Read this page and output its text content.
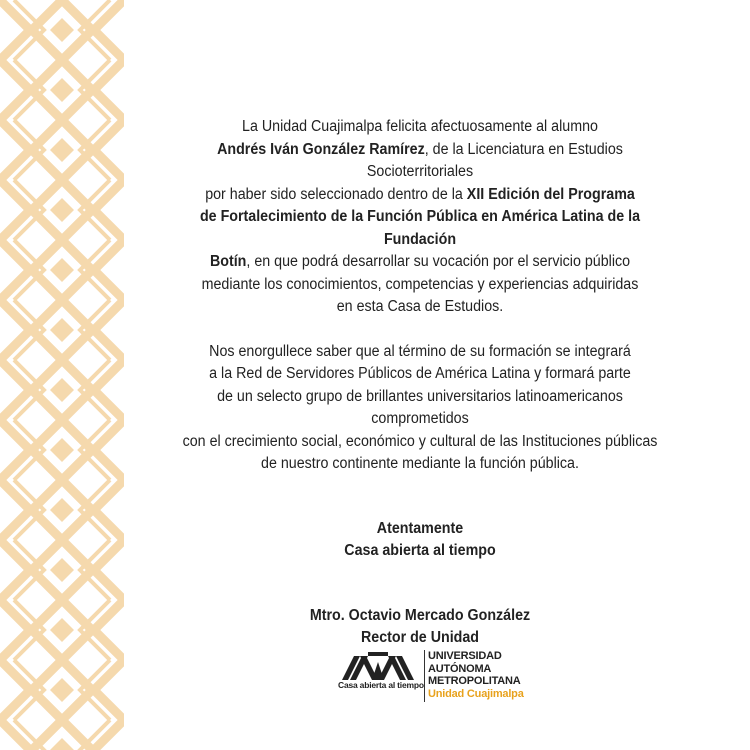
La Unidad Cuajimalpa felicita afectuosamente al alumno
Andrés Iván González Ramírez, de la Licenciatura en Estudios Socioterritoriales
por haber sido seleccionado dentro de la XII Edición del Programa
de Fortalecimiento de la Función Pública en América Latina de la Fundación
Botín, en que podrá desarrollar su vocación por el servicio público
mediante los conocimientos, competencias y experiencias adquiridas
en esta Casa de Estudios.

Nos enorgullece saber que al término de su formación se integrará
a la Red de Servidores Públicos de América Latina y formará parte
de un selecto grupo de brillantes universitarios latinoamericanos comprometidos
con el crecimiento social, económico y cultural de las Instituciones públicas
de nuestro continente mediante la función pública.

Atentamente
Casa abierta al tiempo

Mtro. Octavio Mercado González
Rector de Unidad

Casa abierta al tiempo
UNIVERSIDAD
AUTÓNOMA
METROPOLITANA
Unidad Cuajimalpa
